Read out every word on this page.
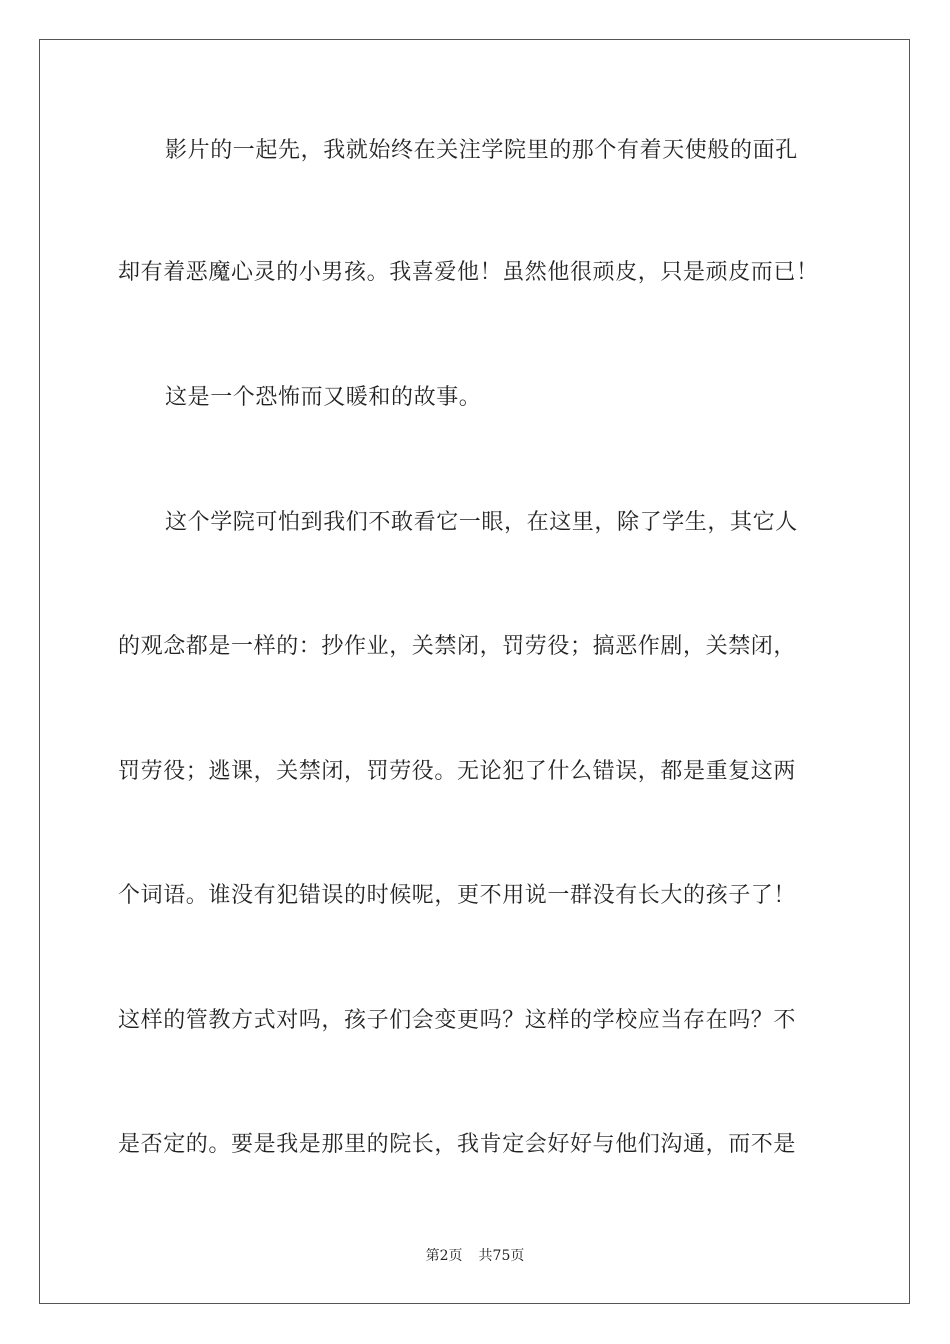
影片的一起先，我就始终在关注学院里的那个有着天使般的面孔
却有着恶魔心灵的小男孩。我喜爱他！虽然他很顽皮，只是顽皮而已！
这是一个恐怖而又暖和的故事。
这个学院可怕到我们不敢看它一眼，在这里，除了学生，其它人
的观念都是一样的：抄作业，关禁闭，罚劳役；搞恶作剧，关禁闭，
罚劳役；逃课，关禁闭，罚劳役。无论犯了什么错误，都是重复这两
个词语。谁没有犯错误的时候呢，更不用说一群没有长大的孩子了！
这样的管教方式对吗，孩子们会变更吗？这样的学校应当存在吗？不
是否定的。要是我是那里的院长，我肯定会好好与他们沟通，而不是
第2页 共75页
